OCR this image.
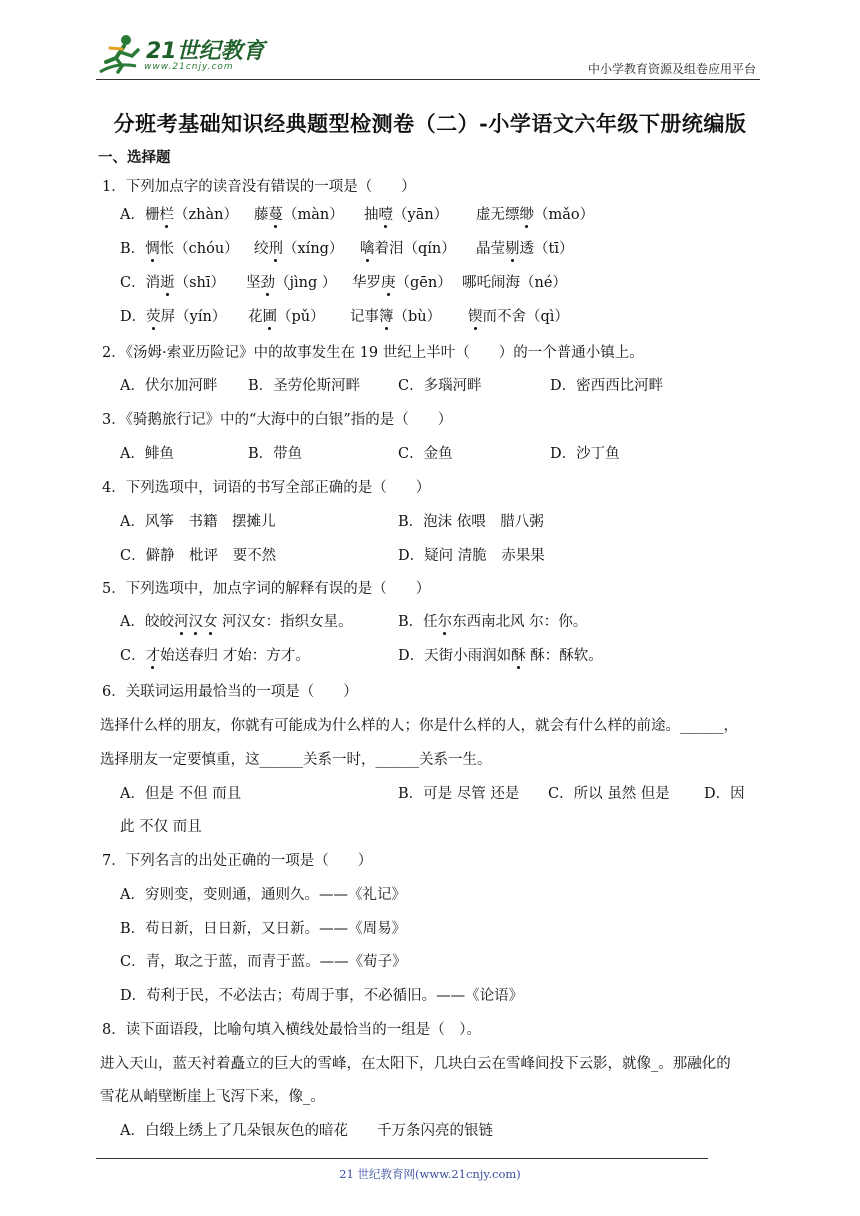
21世纪教育
www.21cnjy.com	中小学教育资源及组卷应用平台
分班考基础知识经典题型检测卷（二）-小学语文六年级下册统编版
一、选择题
1．下列加点字的读音没有错误的一项是（　　）
A．栅栏（zhàn） 藤蔓（màn） 抽噎（yān） 虚无缥缈（mǎo）
B．惆怅（chóu） 绞刑（xíng） 噙着泪（qín） 晶莹剔透（tī）
C．消逝（shī） 坚劲（jìng ） 华罗庚（gēn） 哪吒闹海（né）
D．荧屏（yín） 花圃（pǔ） 记事簿（bù） 锲而不舍（qì）
2．《汤姆·索亚历险记》中的故事发生在 19 世纪上半叶（　　）的一个普通小镇上。
A．伏尔加河畔 B．圣劳伦斯河畔	C．多瑙河畔	D．密西西比河畔
3．《骑鹅旅行记》中的“大海中的白银”指的是（　　）
A．鲱鱼	B．带鱼	C．金鱼	D．沙丁鱼
4．下列选项中，词语的书写全部正确的是（　　）
A．风筝　书籍　摆摊儿	B．泡沫 依喂　腊八粥
C．僻静　枇评　要不然	D．疑问 清脆　赤果果
5．下列选项中，加点字词的解释有误的是（　　）
A．皎皎河汉女 河汉女：指织女星。	B．任尔东西南北风 尔：你。
C．才始送春归 才始：方才。	D．天街小雨润如酥 酥：酥软。
6．关联词运用最恰当的一项是（　　）
选择什么样的朋友，你就有可能成为什么样的人；你是什么样的人，就会有什么样的前途。______，
选择朋友一定要慎重，这______关系一时，______关系一生。
A．但是 不但 而且	B．可是 尽管 还是 C．所以 虽然 但是 D．因
此 不仅 而且
7．下列名言的出处正确的一项是（　　）
A．穷则变，变则通，通则久。——《礼记》
B．苟日新，日日新，又日新。——《周易》
C．青，取之于蓝，而青于蓝。——《荀子》
D．苟利于民，不必法古；苟周于事，不必循旧。——《论语》
8．读下面语段，比喻句填入横线处最恰当的一组是（　）。
进入天山，蓝天衬着矗立的巨大的雪峰，在太阳下，几块白云在雪峰间投下云影，就像_。那融化的
雪花从峭壁断崖上飞泻下来，像_。
A．白缎上绣上了几朵银灰色的暗花　　千万条闪亮的银链
21 世纪教育网(www.21cnjy.com)
